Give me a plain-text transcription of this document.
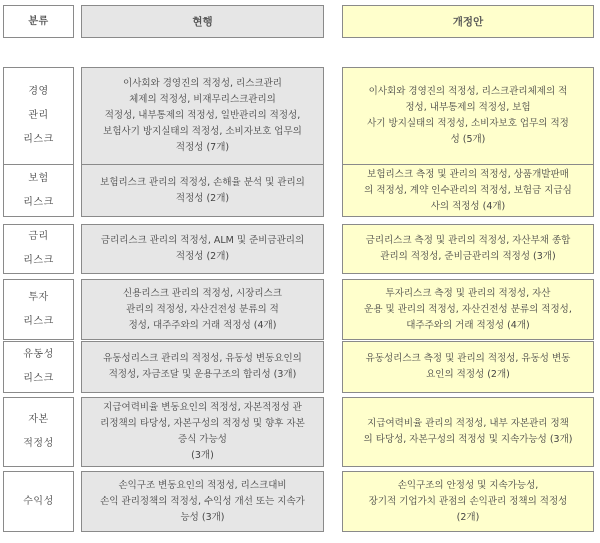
분류	현행	개정안
경영
관리
리스크
이사회와 경영진의 적정성, 리스크관리
체제의 적정성, 비재무리스크관리의
적정성, 내부통제의 적정성, 일반관리의 적정성,
보험사기 방지실태의 적정성, 소비자보호 업무의
적정성 (7개)
이사회와 경영진의 적정성, 리스크관리체제의 적
정성, 내부통제의 적정성, 보험
사기 방지실태의 적정성, 소비자보호 업무의 적정
성 (5개)
보험
리스크
보험리스크 관리의 적정성, 손해율 분석 및 관리의
적정성 (2개)
보험리스크 측정 및 관리의 적정성, 상품개발판매
의 적정성, 계약 인수관리의 적정성, 보험금 지급심
사의 적정성 (4개)
금리
리스크
금리리스크 관리의 적정성, ALM 및 준비금관리의
적정성 (2개)
금리리스크 측정 및 관리의 적정성, 자산부채 종합
관리의 적정성, 준비금관리의 적정성 (3개)
투자
리스크
신용리스크 관리의 적정성, 시장리스크
관리의 적정성, 자산건전성 분류의 적
정성, 대주주와의 거래 적정성 (4개)
투자리스크 측정 및 관리의 적정성, 자산
운용 및 관리의 적정성, 자산건전성 분류의 적정성,
대주주와의 거래 적정성 (4개)
유동성
리스크
유동성리스크 관리의 적정성, 유동성 변동요인의
적정성, 자금조달 및 운용구조의 합리성 (3개)
유동성리스크 측정 및 관리의 적정성, 유동성 변동
요인의 적정성 (2개)
자본
적정성
지급여력비율 변동요인의 적정성, 자본적정성 관
리정책의 타당성, 자본구성의 적정성 및 향후 자본
증식 가능성
(3개)
지급여력비율 관리의 적정성, 내부 자본관리 정책
의 타당성, 자본구성의 적정성 및 지속가능성 (3개)
수익성
손익구조 변동요인의 적정성, 리스크대비
손익 관리정책의 적정성, 수익성 개선 또는 지속가
능성 (3개)
손익구조의 안정성 및 지속가능성,
장기적 기업가치 관점의 손익관리 정책의 적정성
(2개)
